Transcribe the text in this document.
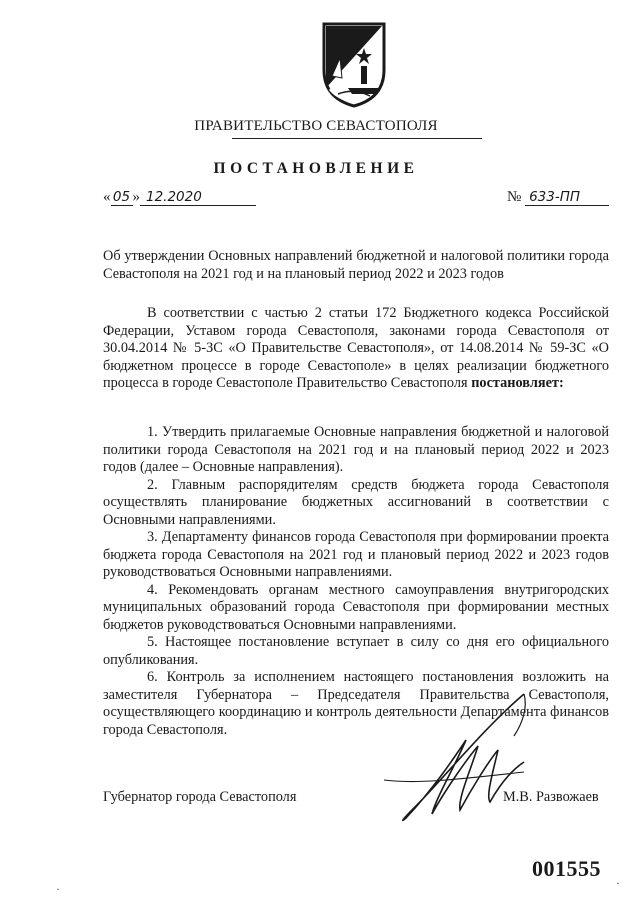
ПРАВИТЕЛЬСТВО СЕВАСТОПОЛЯ
ПОСТАНОВЛЕНИЕ
« 05 » 12.2020	№ 633-ПП
Об утверждении Основных направлений бюджетной и налоговой политики города Севастополя на 2021 год и на плановый период 2022 и 2023 годов

В соответствии с частью 2 статьи 172 Бюджетного кодекса Российской Федерации, Уставом города Севастополя, законами города Севастополя от 30.04.2014 № 5-ЗС «О Правительстве Севастополя», от 14.08.2014 № 59-ЗС «О бюджетном процессе в городе Севастополе» в целях реализации бюджетного процесса в городе Севастополе Правительство Севастополя постановляет:

1. Утвердить прилагаемые Основные направления бюджетной и налоговой политики города Севастополя на 2021 год и на плановый период 2022 и 2023 годов (далее – Основные направления).

2. Главным распорядителям средств бюджета города Севастополя осуществлять планирование бюджетных ассигнований в соответствии с Основными направлениями.

3. Департаменту финансов города Севастополя при формировании проекта бюджета города Севастополя на 2021 год и плановый период 2022 и 2023 годов руководствоваться Основными направлениями.

4. Рекомендовать органам местного самоуправления внутригородских муниципальных образований города Севастополя при формировании местных бюджетов руководствоваться Основными направлениями.

5. Настоящее постановление вступает в силу со дня его официального опубликования.

6. Контроль за исполнением настоящего постановления возложить на заместителя Губернатора – Председателя Правительства Севастополя, осуществляющего координацию и контроль деятельности Департамента финансов города Севастополя.

Губернатор города Севастополя	М.В. Развожаев
001555
·	·
